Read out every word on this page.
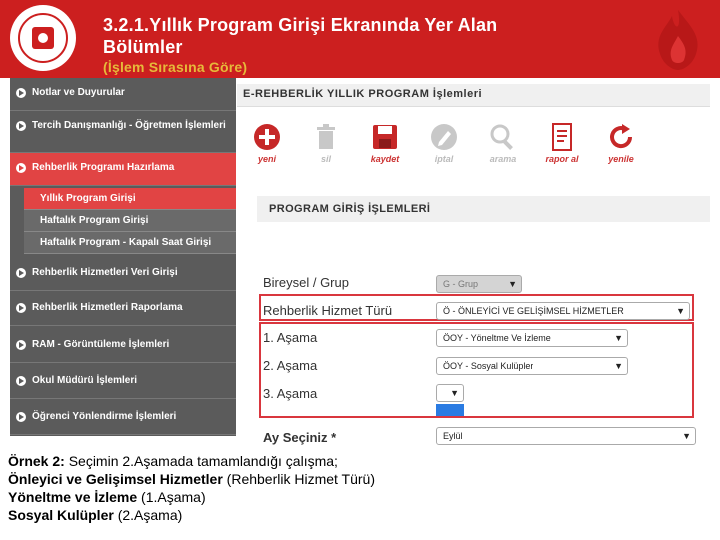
3.2.1.Yıllık Program Girişi Ekranında Yer Alan
Bölümler
(İşlem Sırasına Göre)
Notlar ve Duyurular
Tercih Danışmanlığı - Öğretmen İşlemleri
Rehberlik Programı Hazırlama
Yıllık Program Girişi
Haftalık Program Girişi
Haftalık Program - Kapalı Saat Girişi
Rehberlik Hizmetleri Veri Girişi
Rehberlik Hizmetleri Raporlama
RAM - Görüntüleme İşlemleri
Okul Müdürü İşlemleri
Öğrenci Yönlendirme İşlemleri
E-REHBERLİK YILLIK PROGRAM İşlemleri
yeni	sil	kaydet	iptal	arama	rapor al	yenile
PROGRAM GİRİŞ İŞLEMLERİ
Bireysel / Grup	G - Grup	▼
Rehberlik Hizmet Türü	Ö - ÖNLEYİCİ VE GELİŞİMSEL HİZMETLER	▼
1. Aşama	ÖOY - Yöneltme Ve İzleme	▼
2. Aşama	ÖOY - Sosyal Kulüpler	▼
3. Aşama	▼
Ay Seçiniz *	Eylül	▼
Örnek 2: Seçimin 2.Aşamada tamamlandığı çalışma;
Önleyici ve Gelişimsel Hizmetler (Rehberlik Hizmet Türü)
Yöneltme ve İzleme (1.Aşama)
Sosyal Kulüpler (2.Aşama)
